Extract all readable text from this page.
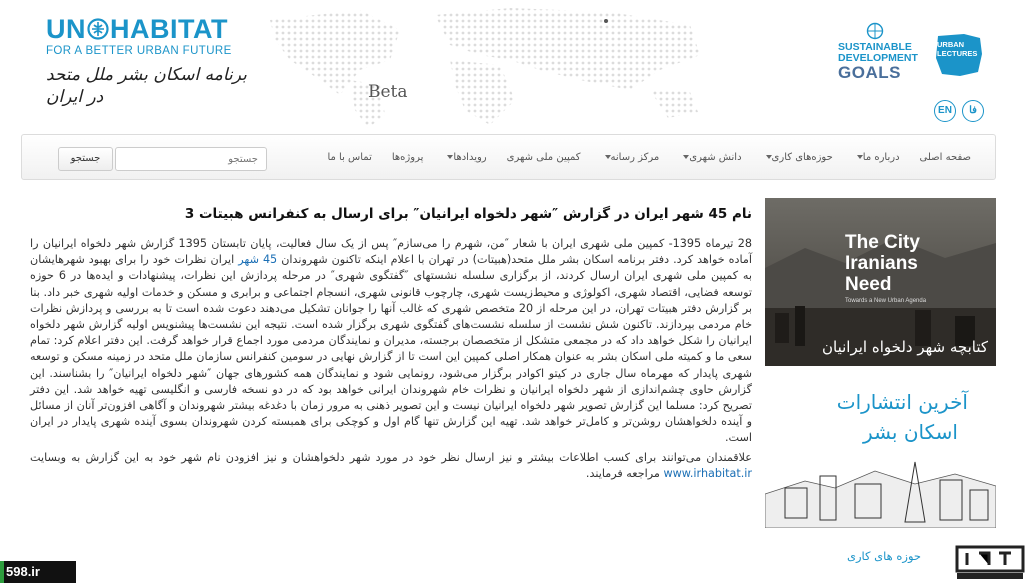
UN HABITAT
FOR A BETTER URBAN FUTURE
برنامه اسکان بشر ملل متحد در ایران	Beta
SUSTAINABLE
DEVELOPMENT
GOALS
URBAN
LECTURES
EN	فا
جستجو
جستجو	صفحه اصلی
درباره ما
حوزه‌های کاری
دانش شهری
مرکز رسانه
کمپین ملی شهری
رویدادها
پروژه‌ها
تماس با ما
نام 45 شهر ایران در گزارش ″شهر دلخواه ایرانیان″ برای ارسال به کنفرانس هبیتات 3

28 تیرماه 1395- کمپین ملی شهری ایران با شعار ″من، شهرم را می‌سازم″ پس از یک سال فعالیت، پایان تابستان 1395 گزارش شهر دلخواه ایرانیان را آماده خواهد کرد. دفتر برنامه اسکان بشر ملل متحد(هبیتات) در تهران با اعلام اینکه تاکنون شهروندان 45 شهر ایران نظرات خود را برای بهبود شهرهایشان به کمپین ملی شهری ایران ارسال کردند، از برگزاری سلسله نشستهای ″گفتگوی شهری″ در مرحله پردازش این نظرات، پیشنهادات و ایده‌ها در 6 حوزه توسعه فضایی، اقتصاد شهری، اکولوژی و محیط‌زیست شهری، چارچوب قانونی شهری، انسجام اجتماعی و برابری و مسکن و خدمات اولیه شهری خبر داد. بنا بر گزارش دفتر هبیتات تهران، در این مرحله از 20 متخصص شهری که غالب آنها را جوانان تشکیل می‌دهند دعوت شده است تا به بررسی و پردازش نظرات خام مردمی بپردازند. تاکنون شش نشست از سلسله نشست‌های گفتگوی شهری برگزار شده است. نتیجه این نشست‌ها پیشنویس اولیه گزارش شهر دلخواه ایرانیان را شکل خواهد داد که در مجمعی متشکل از متخصصان برجسته، مدیران و نمایندگان مردمی مورد اجماع قرار خواهد گرفت. این دفتر اعلام کرد: تمام سعی ما و کمیته ملی اسکان بشر به عنوان همکار اصلی کمپین این است تا از گزارش نهایی در سومین کنفرانس سازمان ملل متحد در زمینه مسکن و توسعه شهری پایدار که مهرماه سال جاری در کیتو اکوادر برگزار می‌شود، رونمایی شود و نمایندگان همه کشورهای جهان ″شهر دلخواه ایرانیان″ را بشناسند. این گزارش حاوی چشم‌اندازی از شهر دلخواه ایرانیان و نظرات خام شهروندان ایرانی خواهد بود که در دو نسخه فارسی و انگلیسی تهیه خواهد شد. این دفتر تصریح کرد: مسلما این گزارش تصویر شهر دلخواه ایرانیان نیست و این تصویر ذهنی به مرور زمان با دغدغه بیشتر شهروندان و آگاهی افزون‌تر آنان از مسائل و آینده دلخواهشان روشن‌تر و کامل‌تر خواهد شد. تهیه این گزارش تنها گام اول و کوچکی برای همبسته کردن شهروندان بسوی آینده شهری پایدار در ایران است.

علاقمندان می‌توانند برای کسب اطلاعات بیشتر و نیز ارسال نظر خود در مورد شهر دلخواهشان و نیز افزودن نام شهر خود به این گزارش به وبسایت www.irhabitat.ir مراجعه فرمایند.

The City
Iranians
Need
Towards a New Urban Agenda
کتابچه شهر دلخواه ایرانیان
آخرین انتشارات
اسکان بشر
حوزه های کاری
598.ir
